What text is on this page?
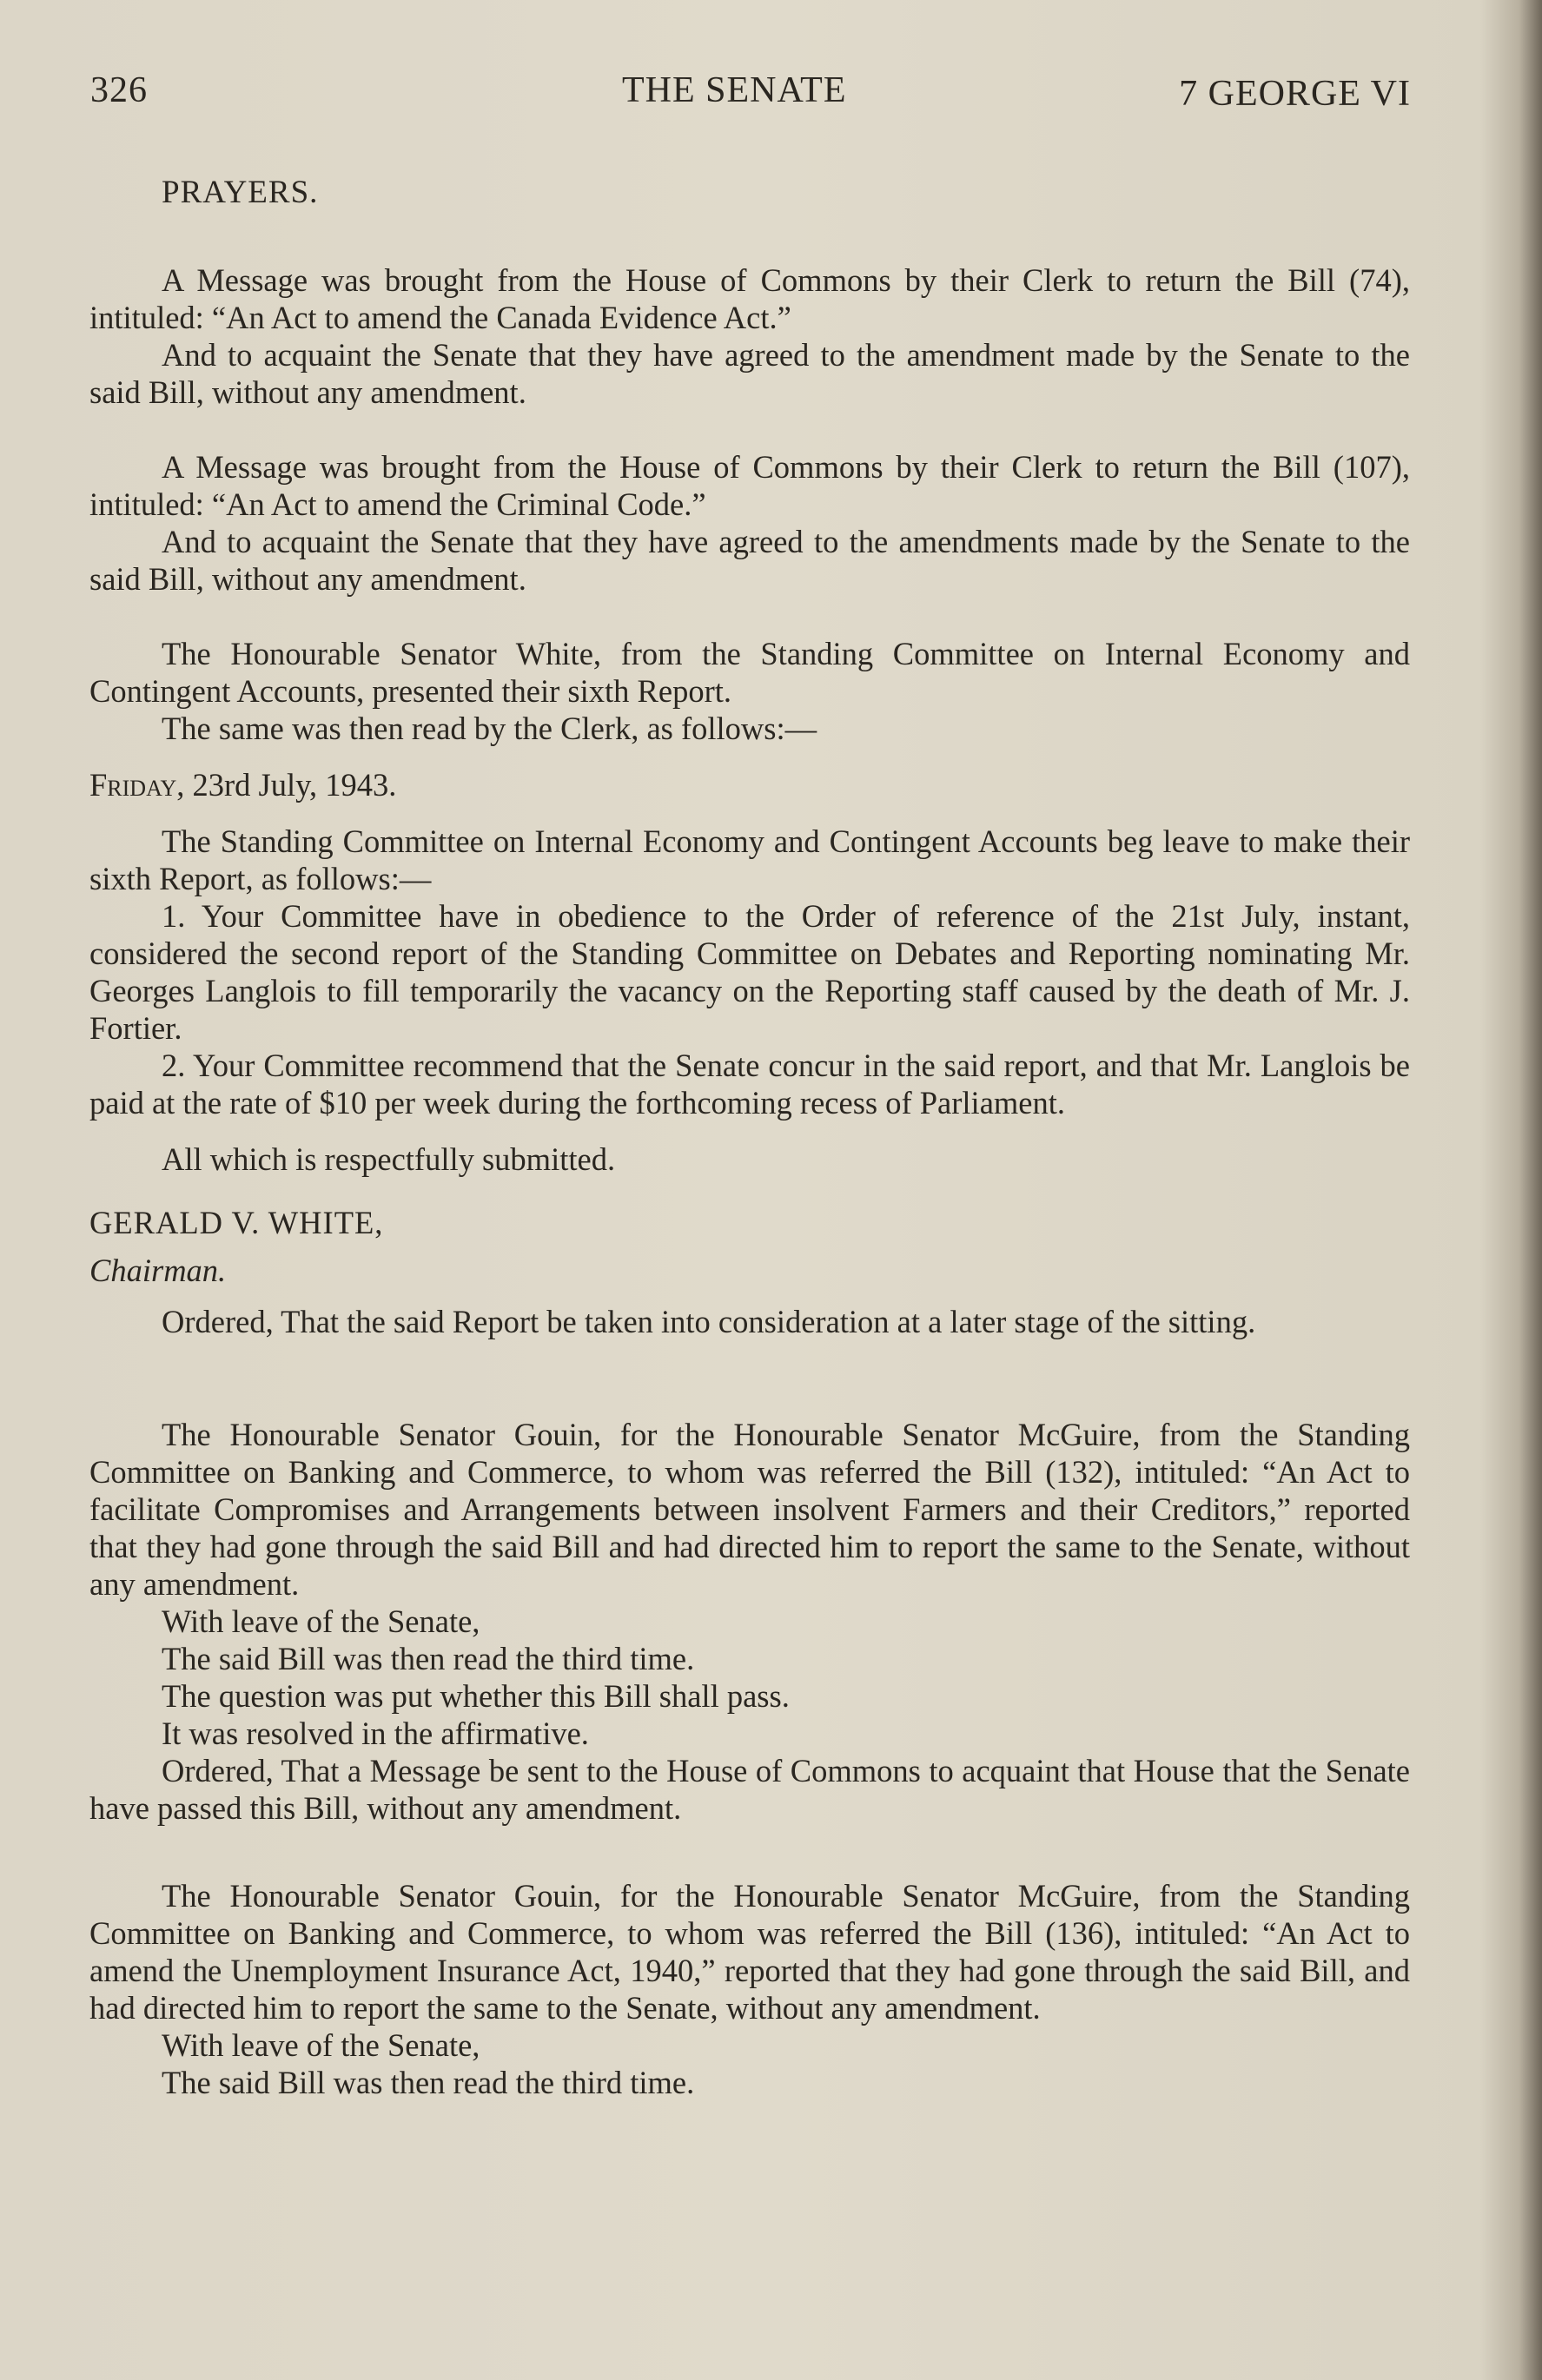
326	THE SENATE	7 GEORGE VI

PRAYERS.

A Message was brought from the House of Commons by their Clerk to return the Bill (74), intituled: “An Act to amend the Canada Evidence Act.”

And to acquaint the Senate that they have agreed to the amendment made by the Senate to the said Bill, without any amendment.

A Message was brought from the House of Commons by their Clerk to return the Bill (107), intituled: “An Act to amend the Criminal Code.”

And to acquaint the Senate that they have agreed to the amendments made by the Senate to the said Bill, without any amendment.

The Honourable Senator White, from the Standing Committee on Internal Economy and Contingent Accounts, presented their sixth Report.

The same was then read by the Clerk, as follows:—

Friday, 23rd July, 1943.

The Standing Committee on Internal Economy and Contingent Accounts beg leave to make their sixth Report, as follows:—

1. Your Committee have in obedience to the Order of reference of the 21st July, instant, considered the second report of the Standing Committee on Debates and Reporting nominating Mr. Georges Langlois to fill temporarily the vacancy on the Reporting staff caused by the death of Mr. J. Fortier.

2. Your Committee recommend that the Senate concur in the said report, and that Mr. Langlois be paid at the rate of $10 per week during the forthcoming recess of Parliament.

All which is respectfully submitted.

GERALD V. WHITE,

Chairman.

Ordered, That the said Report be taken into consideration at a later stage of the sitting.

The Honourable Senator Gouin, for the Honourable Senator McGuire, from the Standing Committee on Banking and Commerce, to whom was referred the Bill (132), intituled: “An Act to facilitate Compromises and Arrangements between insolvent Farmers and their Creditors,” reported that they had gone through the said Bill and had directed him to report the same to the Senate, without any amendment.

With leave of the Senate,

The said Bill was then read the third time.

The question was put whether this Bill shall pass.

It was resolved in the affirmative.

Ordered, That a Message be sent to the House of Commons to acquaint that House that the Senate have passed this Bill, without any amendment.

The Honourable Senator Gouin, for the Honourable Senator McGuire, from the Standing Committee on Banking and Commerce, to whom was referred the Bill (136), intituled: “An Act to amend the Unemployment Insurance Act, 1940,” reported that they had gone through the said Bill, and had directed him to report the same to the Senate, without any amendment.

With leave of the Senate,

The said Bill was then read the third time.
